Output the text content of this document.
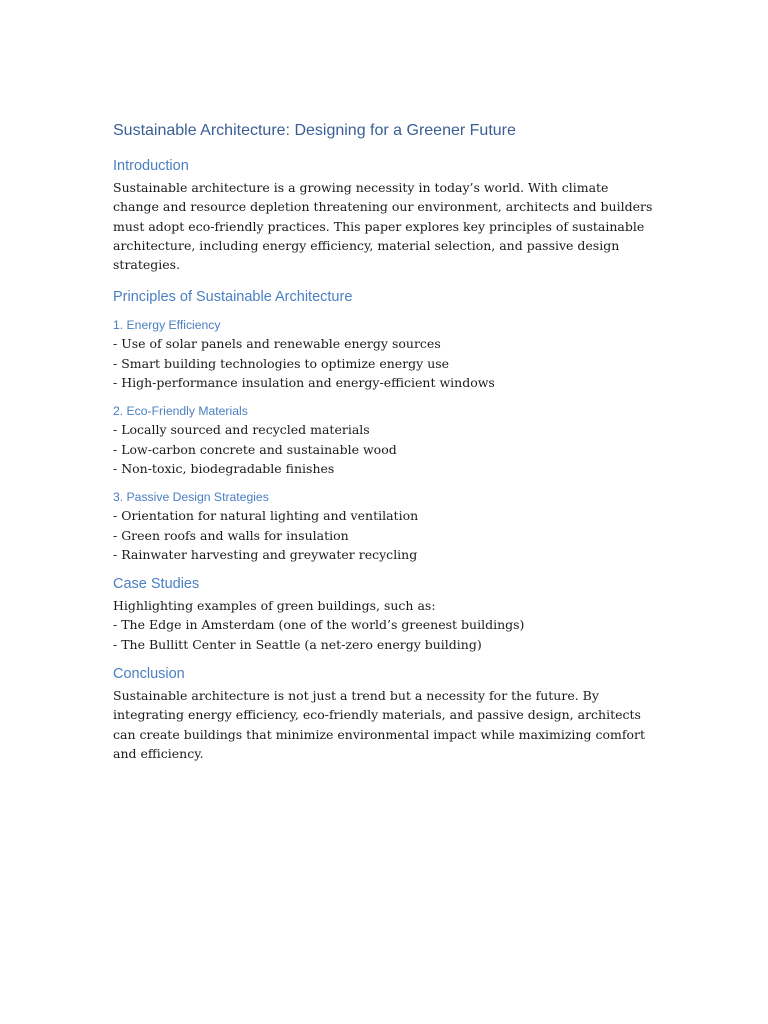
Sustainable Architecture: Designing for a Greener Future
Introduction

Sustainable architecture is a growing necessity in today’s world. With climate change and resource depletion threatening our environment, architects and builders must adopt eco-friendly practices. This paper explores key principles of sustainable architecture, including energy efficiency, material selection, and passive design strategies.

Principles of Sustainable Architecture
1. Energy Efficiency
- Use of solar panels and renewable energy sources
- Smart building technologies to optimize energy use
- High-performance insulation and energy-efficient windows
2. Eco-Friendly Materials
- Locally sourced and recycled materials
- Low-carbon concrete and sustainable wood
- Non-toxic, biodegradable finishes
3. Passive Design Strategies
- Orientation for natural lighting and ventilation
- Green roofs and walls for insulation
- Rainwater harvesting and greywater recycling
Case Studies

Highlighting examples of green buildings, such as:

- The Edge in Amsterdam (one of the world’s greenest buildings)
- The Bullitt Center in Seattle (a net-zero energy building)
Conclusion

Sustainable architecture is not just a trend but a necessity for the future. By integrating energy efficiency, eco-friendly materials, and passive design, architects can create buildings that minimize environmental impact while maximizing comfort and efficiency.
